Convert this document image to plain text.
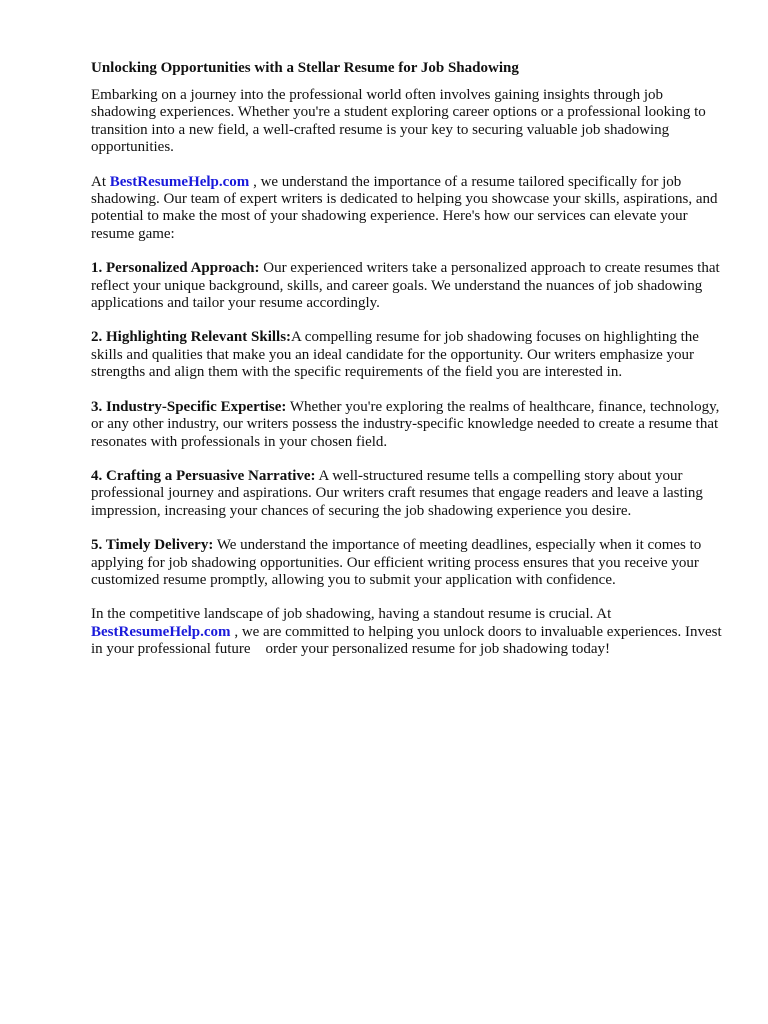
Unlocking Opportunities with a Stellar Resume for Job Shadowing

Embarking on a journey into the professional world often involves gaining insights through job shadowing experiences. Whether you're a student exploring career options or a professional looking to transition into a new field, a well-crafted resume is your key to securing valuable job shadowing opportunities.

At BestResumeHelp.com , we understand the importance of a resume tailored specifically for job shadowing. Our team of expert writers is dedicated to helping you showcase your skills, aspirations, and potential to make the most of your shadowing experience. Here's how our services can elevate your resume game:

1. Personalized Approach: Our experienced writers take a personalized approach to create resumes that reflect your unique background, skills, and career goals. We understand the nuances of job shadowing applications and tailor your resume accordingly.

2. Highlighting Relevant Skills:A compelling resume for job shadowing focuses on highlighting the skills and qualities that make you an ideal candidate for the opportunity. Our writers emphasize your strengths and align them with the specific requirements of the field you are interested in.

3. Industry-Specific Expertise: Whether you're exploring the realms of healthcare, finance, technology, or any other industry, our writers possess the industry-specific knowledge needed to create a resume that resonates with professionals in your chosen field.

4. Crafting a Persuasive Narrative: A well-structured resume tells a compelling story about your professional journey and aspirations. Our writers craft resumes that engage readers and leave a lasting impression, increasing your chances of securing the job shadowing experience you desire.

5. Timely Delivery: We understand the importance of meeting deadlines, especially when it comes to applying for job shadowing opportunities. Our efficient writing process ensures that you receive your customized resume promptly, allowing you to submit your application with confidence.

In the competitive landscape of job shadowing, having a standout resume is crucial. At
BestResumeHelp.com , we are committed to helping you unlock doors to invaluable experiences. Invest in your professional future    order your personalized resume for job shadowing today!
